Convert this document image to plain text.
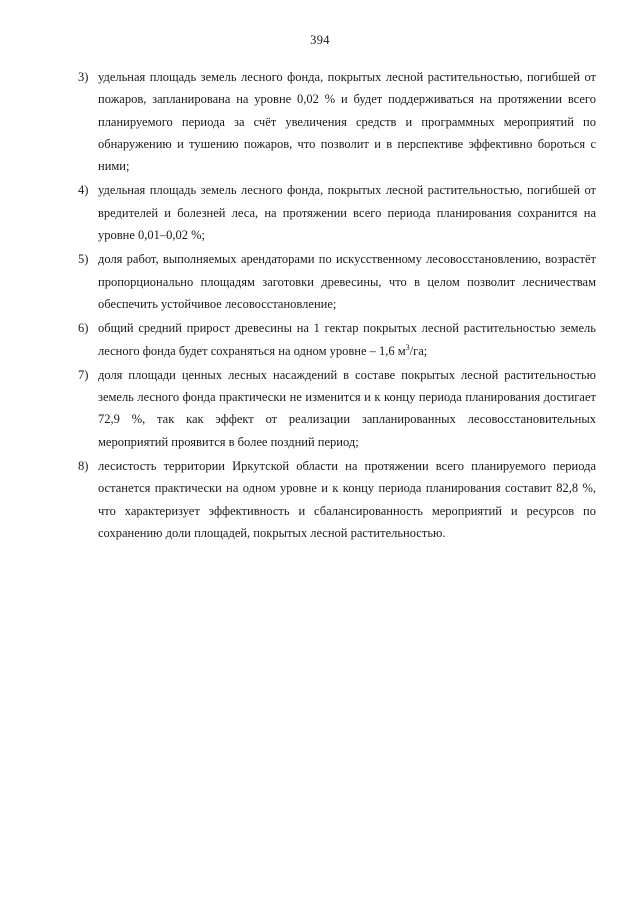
394
3) удельная площадь земель лесного фонда, покрытых лесной растительностью, погибшей от пожаров, запланирована на уровне 0,02 % и будет поддерживаться на протяжении всего планируемого периода за счёт увеличения средств и программных мероприятий по обнаружению и тушению пожаров, что позволит и в перспективе эффективно бороться с ними;
4) удельная площадь земель лесного фонда, покрытых лесной растительностью, погибшей от вредителей и болезней леса, на протяжении всего периода планирования сохранится на уровне 0,01–0,02 %;
5) доля работ, выполняемых арендаторами по искусственному лесовосстановлению, возрастёт пропорционально площадям заготовки древесины, что в целом позволит лесничествам обеспечить устойчивое лесовосстановление;
6) общий средний прирост древесины на 1 гектар покрытых лесной растительностью земель лесного фонда будет сохраняться на одном уровне – 1,6 $м^3/га$;
7) доля площади ценных лесных насаждений в составе покрытых лесной растительностью земель лесного фонда практически не изменится и к концу периода планирования достигает 72,9 %, так как эффект от реализации запланированных лесовосстановительных мероприятий проявится в более поздний период;
8) лесистость территории Иркутской области на протяжении всего планируемого периода останется практически на одном уровне и к концу периода планирования составит 82,8 %, что характеризует эффективность и сбалансированность мероприятий и ресурсов по сохранению доли площадей, покрытых лесной растительностью.
